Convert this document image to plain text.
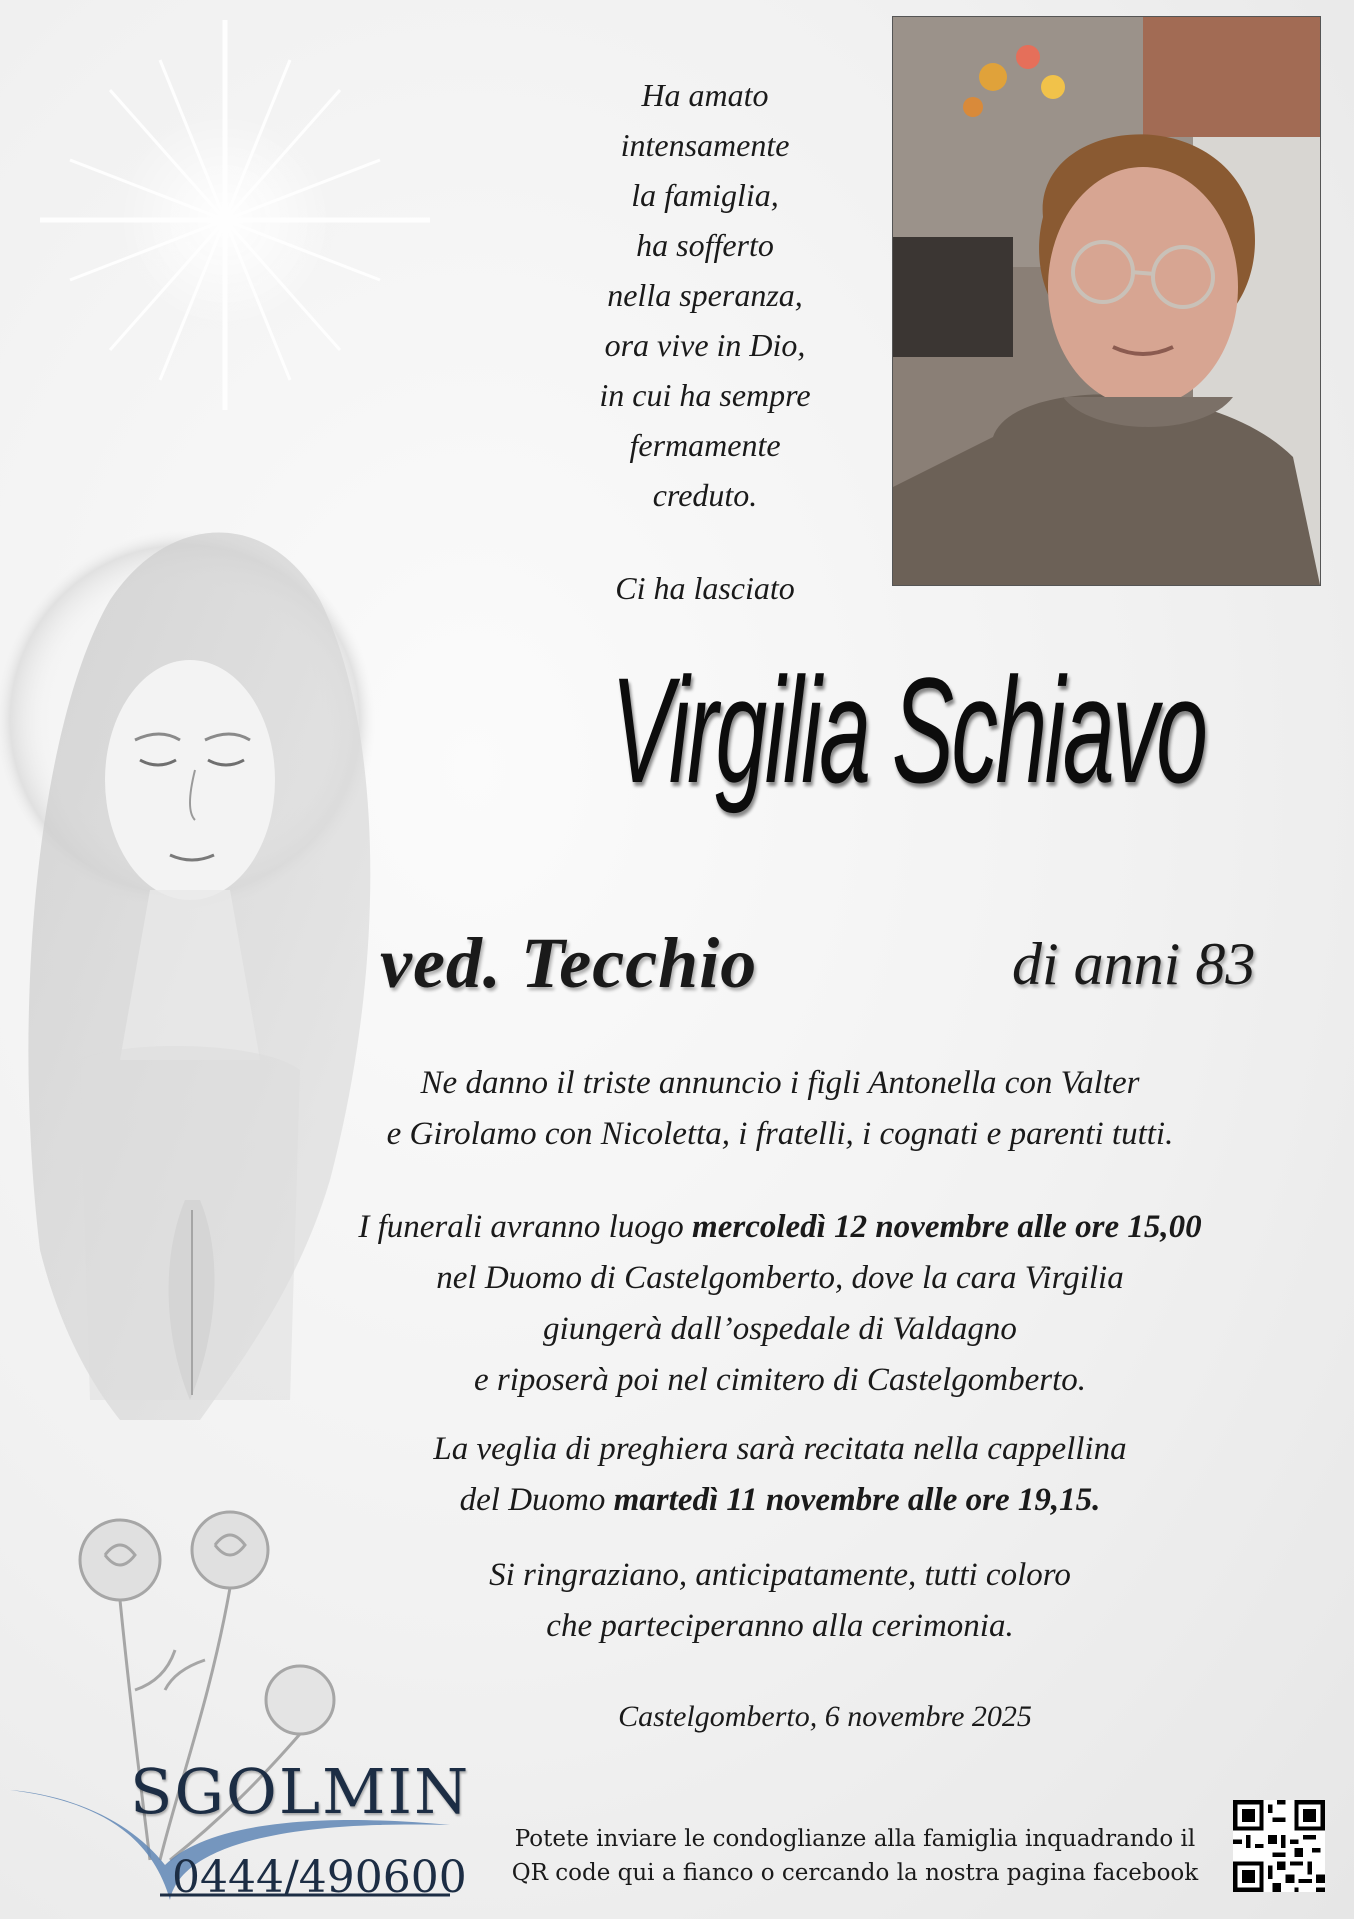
Ha amato
intensamente
la famiglia,
ha sofferto
nella speranza,
ora vive in Dio,
in cui ha sempre
fermamente
creduto.
Ci ha lasciato
Virgilia Schiavo
ved. Tecchio	di anni 83
Ne danno il triste annuncio i figli Antonella con Valter
e Girolamo con Nicoletta, i fratelli, i cognati e parenti tutti.
I funerali avranno luogo mercoledì 12 novembre alle ore 15,00
nel Duomo di Castelgomberto, dove la cara Virgilia
giungerà dall’ospedale di Valdagno
e riposerà poi nel cimitero di Castelgomberto.
La veglia di preghiera sarà recitata nella cappellina
del Duomo martedì 11 novembre alle ore 19,15.
Si ringraziano, anticipatamente, tutti coloro
che parteciperanno alla cerimonia.
Castelgomberto, 6 novembre 2025
SGOLMIN
0444/490600
Potete inviare le condoglianze alla famiglia inquadrando il
QR code qui a fianco o cercando la nostra pagina facebook
